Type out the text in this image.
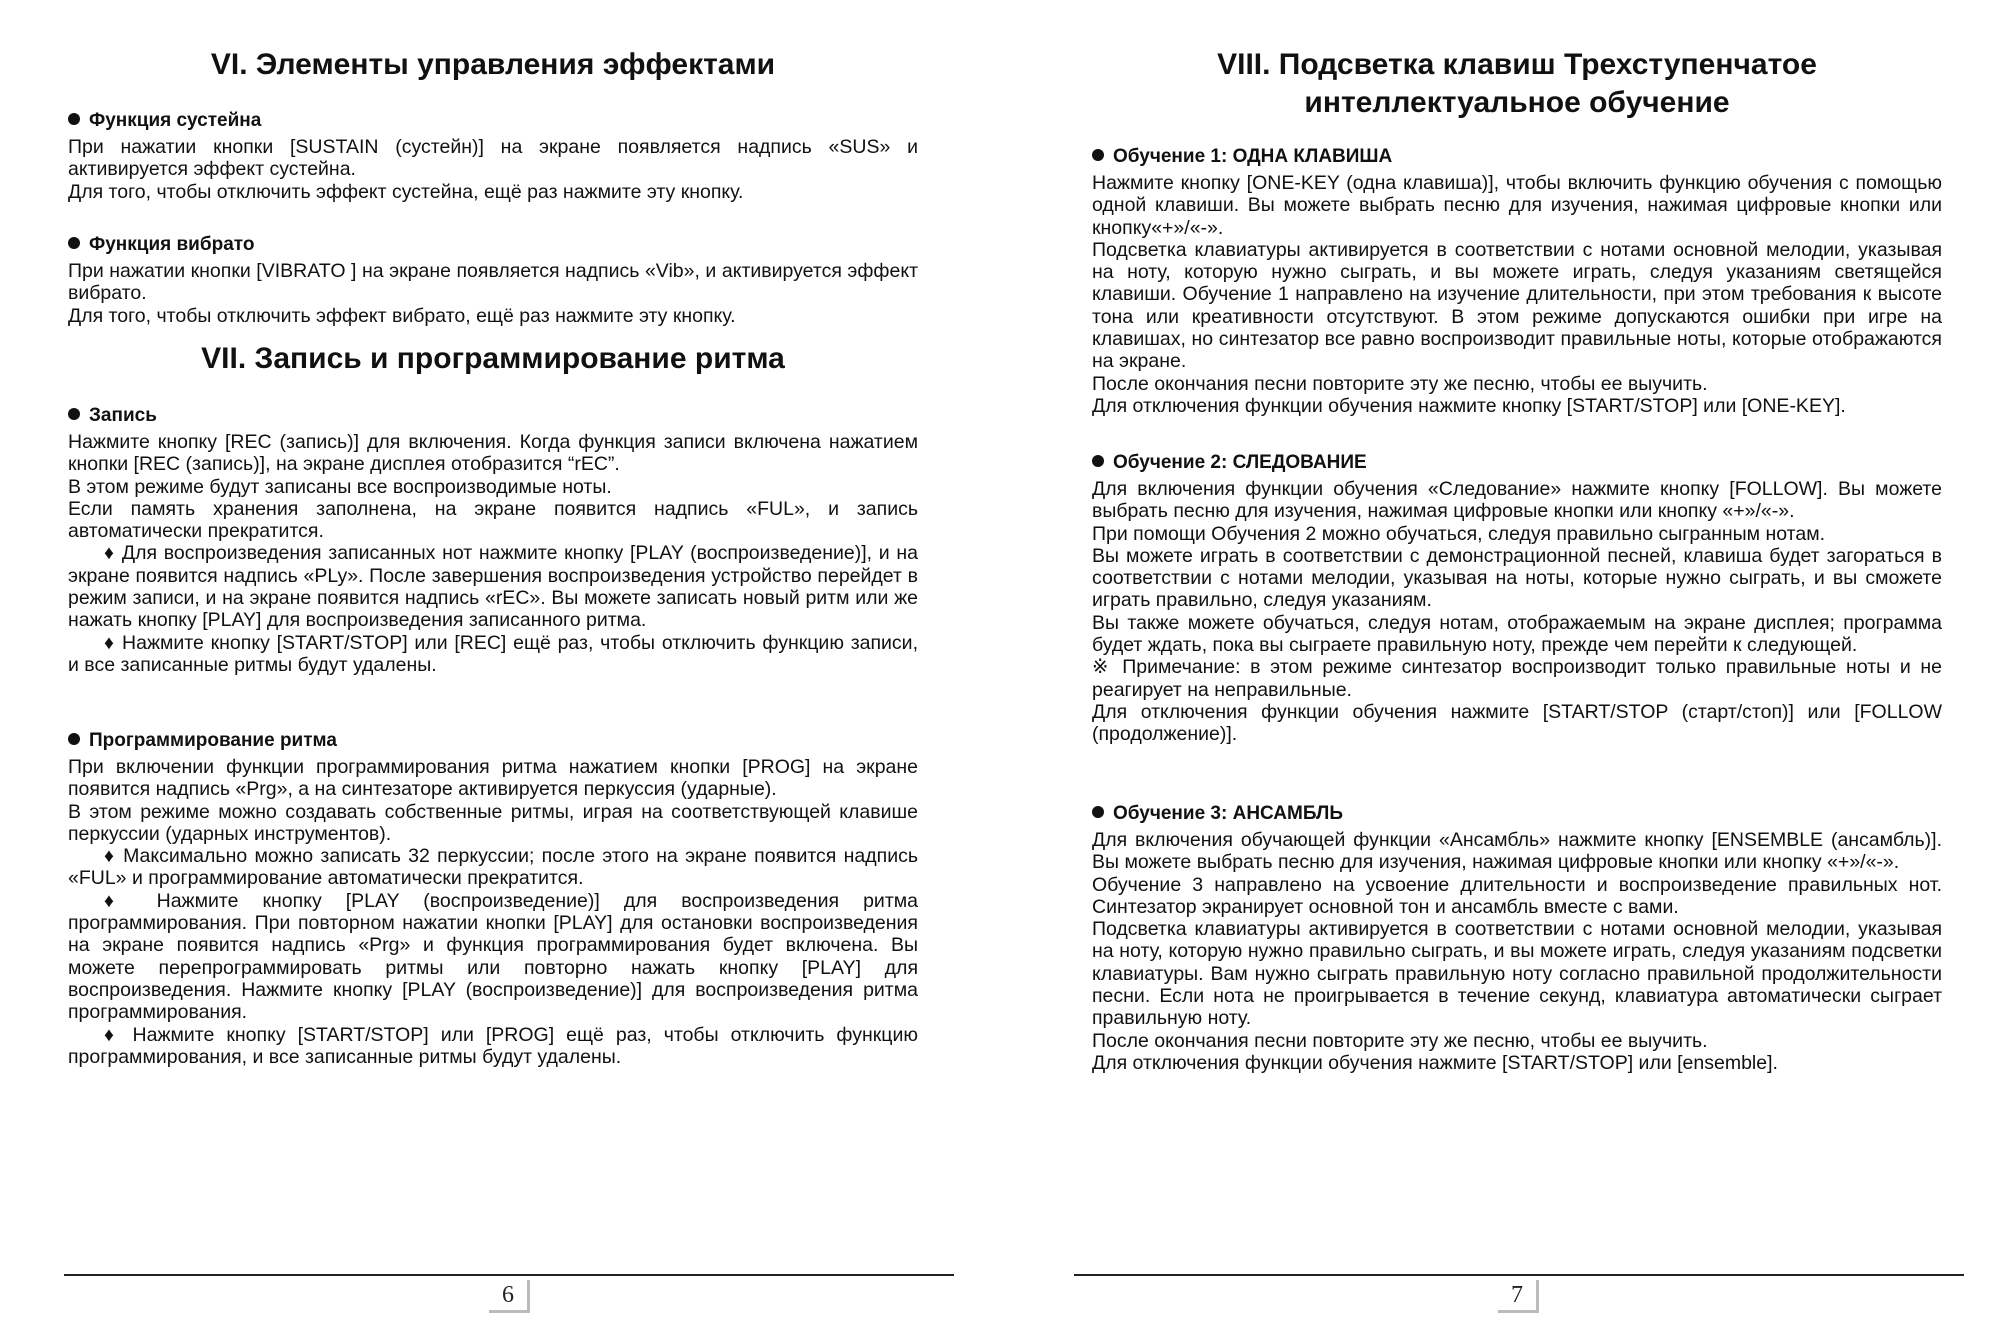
VI. Элементы управления эффектами
Функция сустейна

При нажатии кнопки [SUSTAIN (сустейн)] на экране появляется надпись «SUS» и активируется эффект сустейна.

Для того, чтобы отключить эффект сустейна, ещё раз нажмите эту кнопку.

Функция вибрато

При нажатии кнопки [VIBRATO ] на экране появляется надпись «Vib», и активируется эффект вибрато.

Для того, чтобы отключить эффект вибрато, ещё раз нажмите эту кнопку.

VII. Запись и программирование ритма
Запись

Нажмите кнопку [REC (запись)] для включения. Когда функция записи включена нажатием кнопки [REC (запись)], на экране дисплея отобразится “rEC”.

В этом режиме будут записаны все воспроизводимые ноты.

Если память хранения заполнена, на экране появится надпись «FUL», и запись автоматически прекратится.

♦ Для воспроизведения записанных нот нажмите кнопку [PLAY (воспроизведение)], и на экране появится надпись «PLy». После завершения воспроизведения устройство перейдет в режим записи, и на экране появится надпись «rEC». Вы можете записать новый ритм или же нажать кнопку [PLAY] для воспроизведения записанного ритма.

♦ Нажмите кнопку [START/STOP] или [REC] ещё раз, чтобы отключить функцию записи, и все записанные ритмы будут удалены.

Программирование ритма

При включении функции программирования ритма нажатием кнопки [PROG] на экране появится надпись «Prg», а на синтезаторе активируется перкуссия (ударные).

В этом режиме можно создавать собственные ритмы, играя на соответствующей клавише перкуссии (ударных инструментов).

♦ Максимально можно записать 32 перкуссии; после этого на экране появится надпись «FUL» и программирование автоматически прекратится.

♦ Нажмите кнопку [PLAY (воспроизведение)] для воспроизведения ритма программирования. При повторном нажатии кнопки [PLAY] для остановки воспроизведения на экране появится надпись «Prg» и функция программирования будет включена. Вы можете перепрограммировать ритмы или повторно нажать кнопку [PLAY] для воспроизведения. Нажмите кнопку [PLAY (воспроизведение)] для воспроизведения ритма программирования.

♦ Нажмите кнопку [START/STOP] или [PROG] ещё раз, чтобы отключить функцию программирования, и все записанные ритмы будут удалены.

VIII. Подсветка клавиш Трехступенчатое интеллектуальное обучение
Обучение 1: ОДНА КЛАВИША

Нажмите кнопку [ONE-KEY (одна клавиша)], чтобы включить функцию обучения с помощью одной клавиши. Вы можете выбрать песню для изучения, нажимая цифровые кнопки или кнопку«+»/«-».

Подсветка клавиатуры активируется в соответствии с нотами основной мелодии, указывая на ноту, которую нужно сыграть, и вы можете играть, следуя указаниям светящейся клавиши. Обучение 1 направлено на изучение длительности, при этом требования к высоте тона или креативности отсутствуют. В этом режиме допускаются ошибки при игре на клавишах, но синтезатор все равно воспроизводит правильные ноты, которые отображаются на экране.

После окончания песни повторите эту же песню, чтобы ее выучить.

Для отключения функции обучения нажмите кнопку [START/STOP] или [ONE-KEY].

Обучение 2: СЛЕДОВАНИЕ

Для включения функции обучения «Следование» нажмите кнопку [FOLLOW]. Вы можете выбрать песню для изучения, нажимая цифровые кнопки или кнопку «+»/«-».

При помощи Обучения 2 можно обучаться, следуя правильно сыгранным нотам.

Вы можете играть в соответствии с демонстрационной песней, клавиша будет загораться в соответствии с нотами мелодии, указывая на ноты, которые нужно сыграть, и вы сможете играть правильно, следуя указаниям.

Вы также можете обучаться, следуя нотам, отображаемым на экране дисплея; программа будет ждать, пока вы сыграете правильную ноту, прежде чем перейти к следующей.

※ Примечание: в этом режиме синтезатор воспроизводит только правильные ноты и не реагирует на неправильные.

Для отключения функции обучения нажмите [START/STOP (старт/стоп)] или [FOLLOW (продолжение)].

Обучение 3: АНСАМБЛЬ

Для включения обучающей функции «Ансамбль» нажмите кнопку [ENSEMBLE (ансамбль)]. Вы можете выбрать песню для изучения, нажимая цифровые кнопки или кнопку «+»/«-».

Обучение 3 направлено на усвоение длительности и воспроизведение правильных нот. Синтезатор экранирует основной тон и ансамбль вместе с вами.

Подсветка клавиатуры активируется в соответствии с нотами основной мелодии, указывая на ноту, которую нужно правильно сыграть, и вы можете играть, следуя указаниям подсветки клавиатуры. Вам нужно сыграть правильную ноту согласно правильной продолжительности песни. Если нота не проигрывается в течение секунд, клавиатура автоматически сыграет правильную ноту.

После окончания песни повторите эту же песню, чтобы ее выучить.

Для отключения функции обучения нажмите [START/STOP] или [ensemble].

6	7
